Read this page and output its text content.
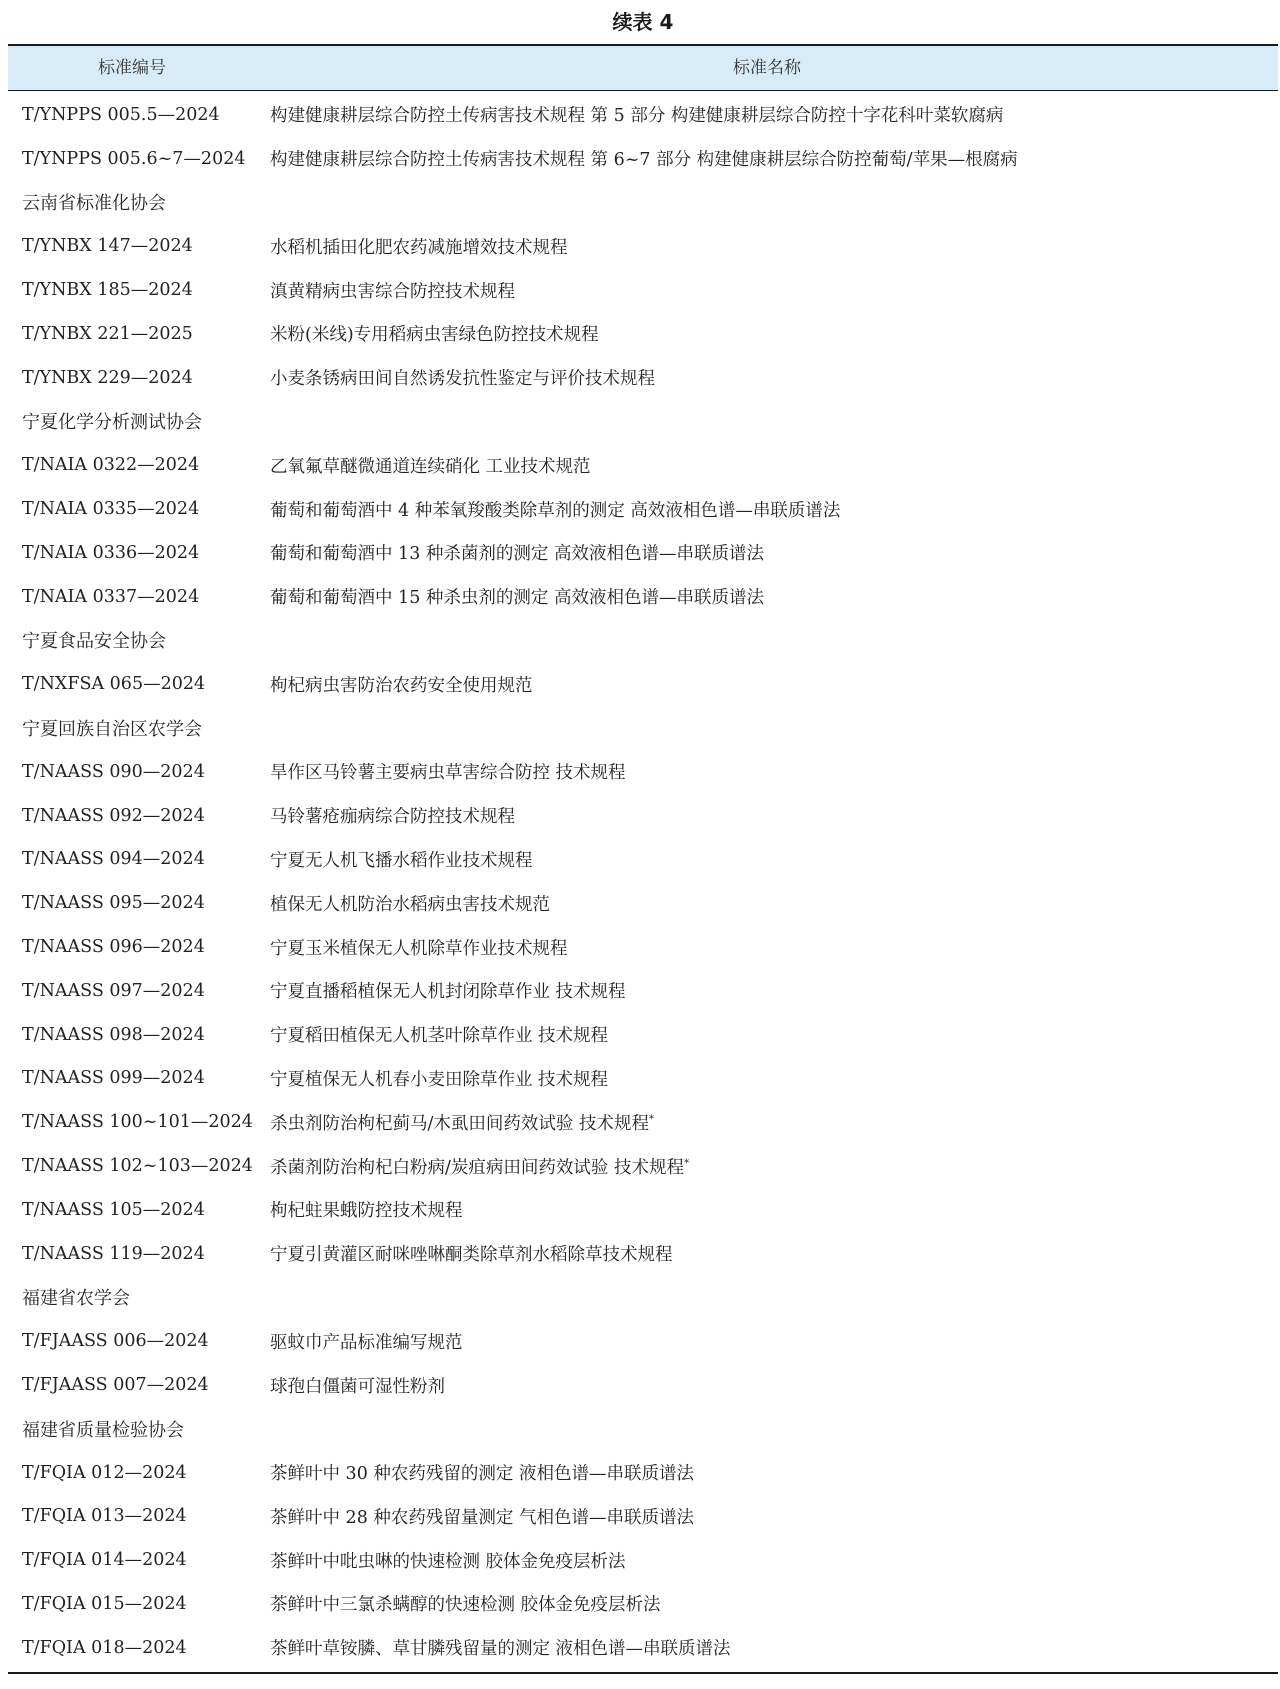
续表 4
标准编号	标准名称
T/YNPPS 005.5—2024	构建健康耕层综合防控土传病害技术规程 第 5 部分 构建健康耕层综合防控十字花科叶菜软腐病
T/YNPPS 005.6~7—2024	构建健康耕层综合防控土传病害技术规程 第 6~7 部分 构建健康耕层综合防控葡萄/苹果—根腐病
云南省标准化协会
T/YNBX 147—2024	水稻机插田化肥农药减施增效技术规程
T/YNBX 185—2024	滇黄精病虫害综合防控技术规程
T/YNBX 221—2025	米粉(米线)专用稻病虫害绿色防控技术规程
T/YNBX 229—2024	小麦条锈病田间自然诱发抗性鉴定与评价技术规程
宁夏化学分析测试协会
T/NAIA 0322—2024	乙氧氟草醚微通道连续硝化 工业技术规范
T/NAIA 0335—2024	葡萄和葡萄酒中 4 种苯氧羧酸类除草剂的测定 高效液相色谱—串联质谱法
T/NAIA 0336—2024	葡萄和葡萄酒中 13 种杀菌剂的测定 高效液相色谱—串联质谱法
T/NAIA 0337—2024	葡萄和葡萄酒中 15 种杀虫剂的测定 高效液相色谱—串联质谱法
宁夏食品安全协会
T/NXFSA 065—2024	枸杞病虫害防治农药安全使用规范
宁夏回族自治区农学会
T/NAASS 090—2024	旱作区马铃薯主要病虫草害综合防控 技术规程
T/NAASS 092—2024	马铃薯疮痂病综合防控技术规程
T/NAASS 094—2024	宁夏无人机飞播水稻作业技术规程
T/NAASS 095—2024	植保无人机防治水稻病虫害技术规范
T/NAASS 096—2024	宁夏玉米植保无人机除草作业技术规程
T/NAASS 097—2024	宁夏直播稻植保无人机封闭除草作业 技术规程
T/NAASS 098—2024	宁夏稻田植保无人机茎叶除草作业 技术规程
T/NAASS 099—2024	宁夏植保无人机春小麦田除草作业 技术规程
T/NAASS 100~101—2024 杀虫剂防治枸杞蓟马/木虱田间药效试验 技术规程*
T/NAASS 102~103—2024 杀菌剂防治枸杞白粉病/炭疽病田间药效试验 技术规程*
T/NAASS 105—2024	枸杞蛀果蛾防控技术规程
T/NAASS 119—2024	宁夏引黄灌区耐咪唑啉酮类除草剂水稻除草技术规程
福建省农学会
T/FJAASS 006—2024	驱蚊巾产品标准编写规范
T/FJAASS 007—2024	球孢白僵菌可湿性粉剂
福建省质量检验协会
T/FQIA 012—2024	茶鲜叶中 30 种农药残留的测定 液相色谱—串联质谱法
T/FQIA 013—2024	茶鲜叶中 28 种农药残留量测定 气相色谱—串联质谱法
T/FQIA 014—2024	茶鲜叶中吡虫啉的快速检测 胶体金免疫层析法
T/FQIA 015—2024	茶鲜叶中三氯杀螨醇的快速检测 胶体金免疫层析法
T/FQIA 018—2024	茶鲜叶草铵膦、草甘膦残留量的测定 液相色谱—串联质谱法
